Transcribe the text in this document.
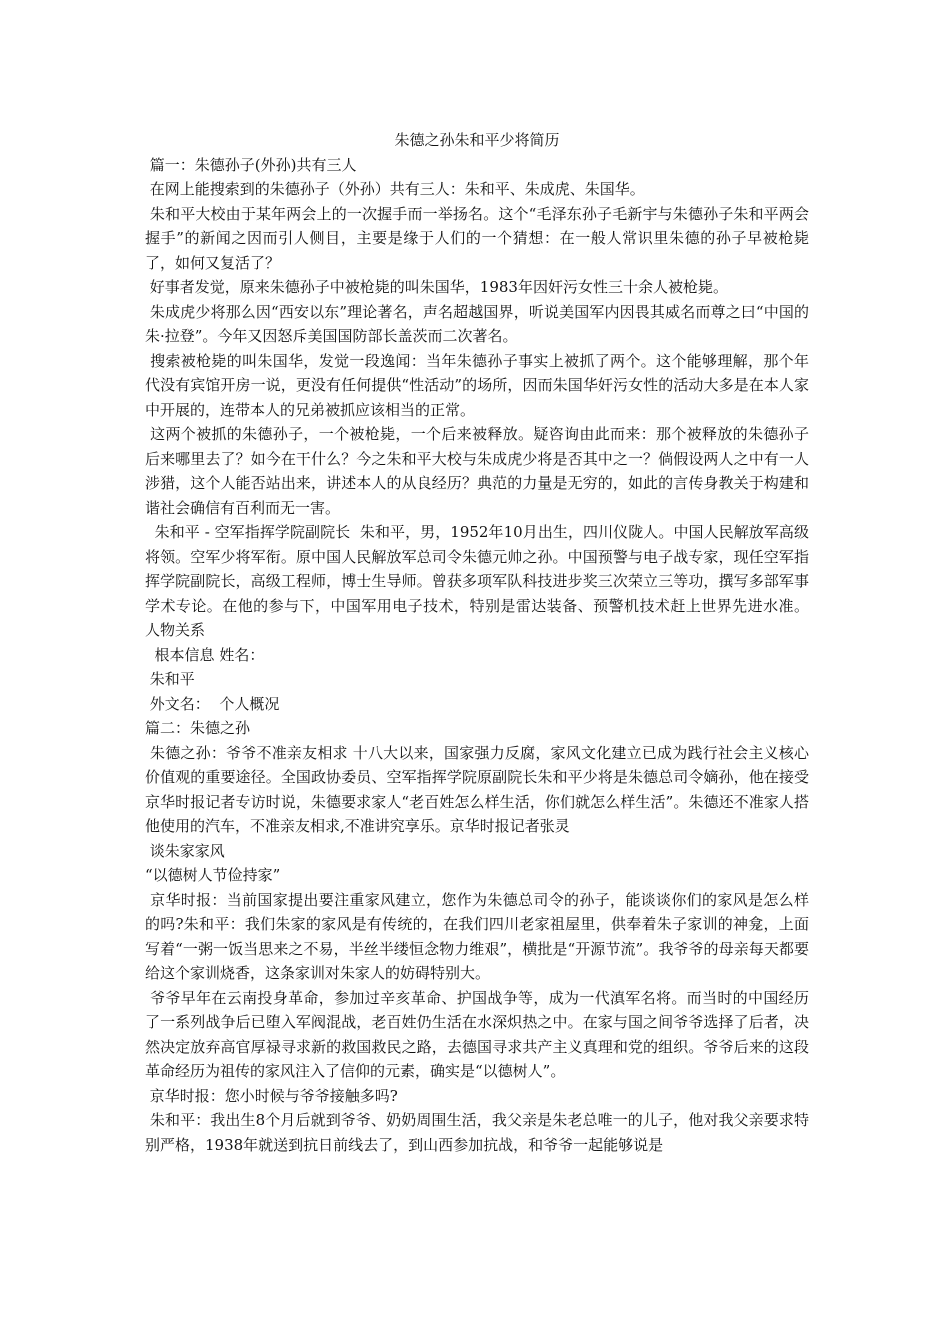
朱德之孙朱和平少将简历
篇一：朱德孙子(外孙)共有三人
在网上能搜索到的朱德孙子（外孙）共有三人：朱和平、朱成虎、朱国华。
朱和平大校由于某年两会上的一次握手而一举扬名。这个“毛泽东孙子毛新宇与朱德孙子朱和平两会握手”的新闻之因而引人侧目，主要是缘于人们的一个猜想：在一般人常识里朱德的孙子早被枪毙了，如何又复活了？
好事者发觉，原来朱德孙子中被枪毙的叫朱国华，1983年因奸污女性三十余人被枪毙。
朱成虎少将那么因“西安以东”理论著名，声名超越国界，听说美国军内因畏其威名而尊之曰“中国的朱·拉登”。今年又因怒斥美国国防部长盖茨而二次著名。
搜索被枪毙的叫朱国华，发觉一段逸闻：当年朱德孙子事实上被抓了两个。这个能够理解，那个年代没有宾馆开房一说，更没有任何提供“性活动”的场所，因而朱国华奸污女性的活动大多是在本人家中开展的，连带本人的兄弟被抓应该相当的正常。
这两个被抓的朱德孙子，一个被枪毙，一个后来被释放。疑咨询由此而来：那个被释放的朱德孙子后来哪里去了？如今在干什么？今之朱和平大校与朱成虎少将是否其中之一？倘假设两人之中有一人涉猎，这个人能否站出来，讲述本人的从良经历？典范的力量是无穷的，如此的言传身教关于构建和谐社会确信有百利而无一害。
朱和平 - 空军指挥学院副院长  朱和平，男，1952年10月出生，四川仪陇人。中国人民解放军高级将领。空军少将军衔。原中国人民解放军总司令朱德元帅之孙。中国预警与电子战专家，现任空军指挥学院副院长，高级工程师，博士生导师。曾获多项军队科技进步奖三次荣立三等功，撰写多部军事学术专论。在他的参与下，中国军用电子技术，特别是雷达装备、预警机技术赶上世界先进水准。 人物关系
根本信息 姓名：
朱和平
外文名：  个人概况
篇二：朱德之孙
朱德之孙：爷爷不准亲友相求 十八大以来，国家强力反腐，家风文化建立已成为践行社会主义核心价值观的重要途径。全国政协委员、空军指挥学院原副院长朱和平少将是朱德总司令嫡孙，他在接受京华时报记者专访时说，朱德要求家人“老百姓怎么样生活，你们就怎么样生活”。朱德还不准家人搭他使用的汽车，不准亲友相求,不准讲究享乐。京华时报记者张灵
谈朱家家风
“以德树人节俭持家”
京华时报：当前国家提出要注重家风建立，您作为朱德总司令的孙子，能谈谈你们的家风是怎么样的吗?朱和平：我们朱家的家风是有传统的，在我们四川老家祖屋里，供奉着朱子家训的神龛，上面写着“一粥一饭当思来之不易，半丝半缕恒念物力维艰”，横批是“开源节流”。我爷爷的母亲每天都要给这个家训烧香，这条家训对朱家人的妨碍特别大。
爷爷早年在云南投身革命，参加过辛亥革命、护国战争等，成为一代滇军名将。而当时的中国经历了一系列战争后已堕入军阀混战，老百姓仍生活在水深炽热之中。在家与国之间爷爷选择了后者，决然决定放弃高官厚禄寻求新的救国救民之路，去德国寻求共产主义真理和党的组织。爷爷后来的这段革命经历为祖传的家风注入了信仰的元素，确实是“以德树人”。
京华时报：您小时候与爷爷接触多吗?
朱和平：我出生8个月后就到爷爷、奶奶周围生活，我父亲是朱老总唯一的儿子，他对我父亲要求特别严格，1938年就送到抗日前线去了，到山西参加抗战，和爷爷一起能够说是
